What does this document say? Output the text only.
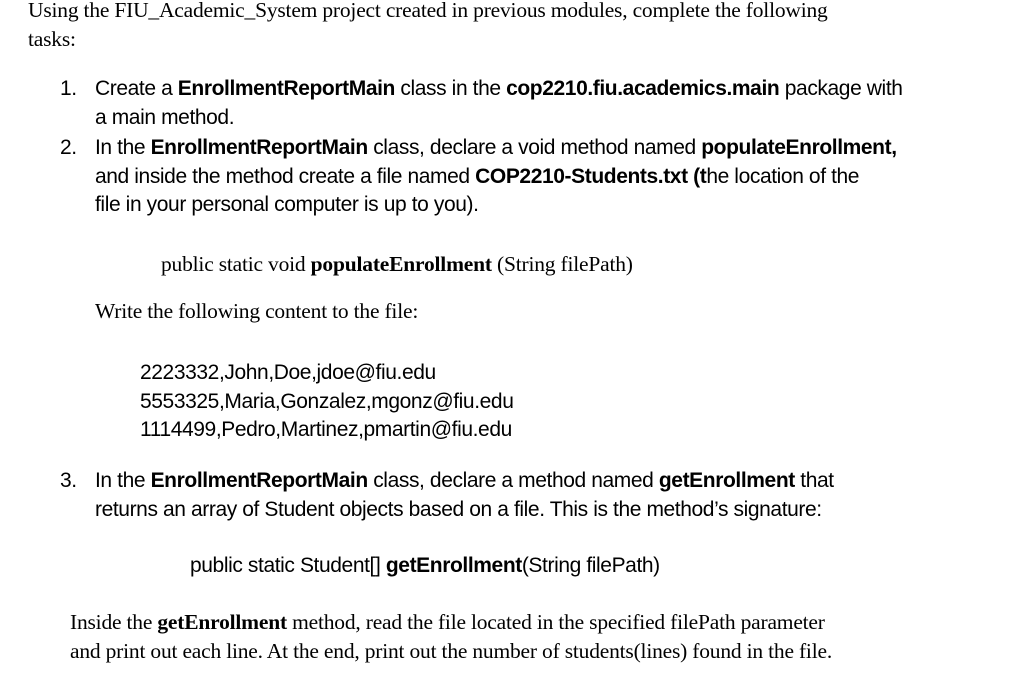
Using the FIU_Academic_System project created in previous modules, complete the following
tasks:
1. Create a EnrollmentReportMain class in the cop2210.fiu.academics.main package with
a main method.
2. In the EnrollmentReportMain class, declare a void method named populateEnrollment,
and inside the method create a file named COP2210-Students.txt (the location of the
file in your personal computer is up to you).
public static void populateEnrollment (String filePath)
Write the following content to the file:
2223332,John,Doe,jdoe@fiu.edu
5553325,Maria,Gonzalez,mgonz@fiu.edu
1114499,Pedro,Martinez,pmartin@fiu.edu
3. In the EnrollmentReportMain class, declare a method named getEnrollment that
returns an array of Student objects based on a file. This is the method’s signature:
public static Student[] getEnrollment(String filePath)
Inside the getEnrollment method, read the file located in the specified filePath parameter
and print out each line. At the end, print out the number of students(lines) found in the file.
